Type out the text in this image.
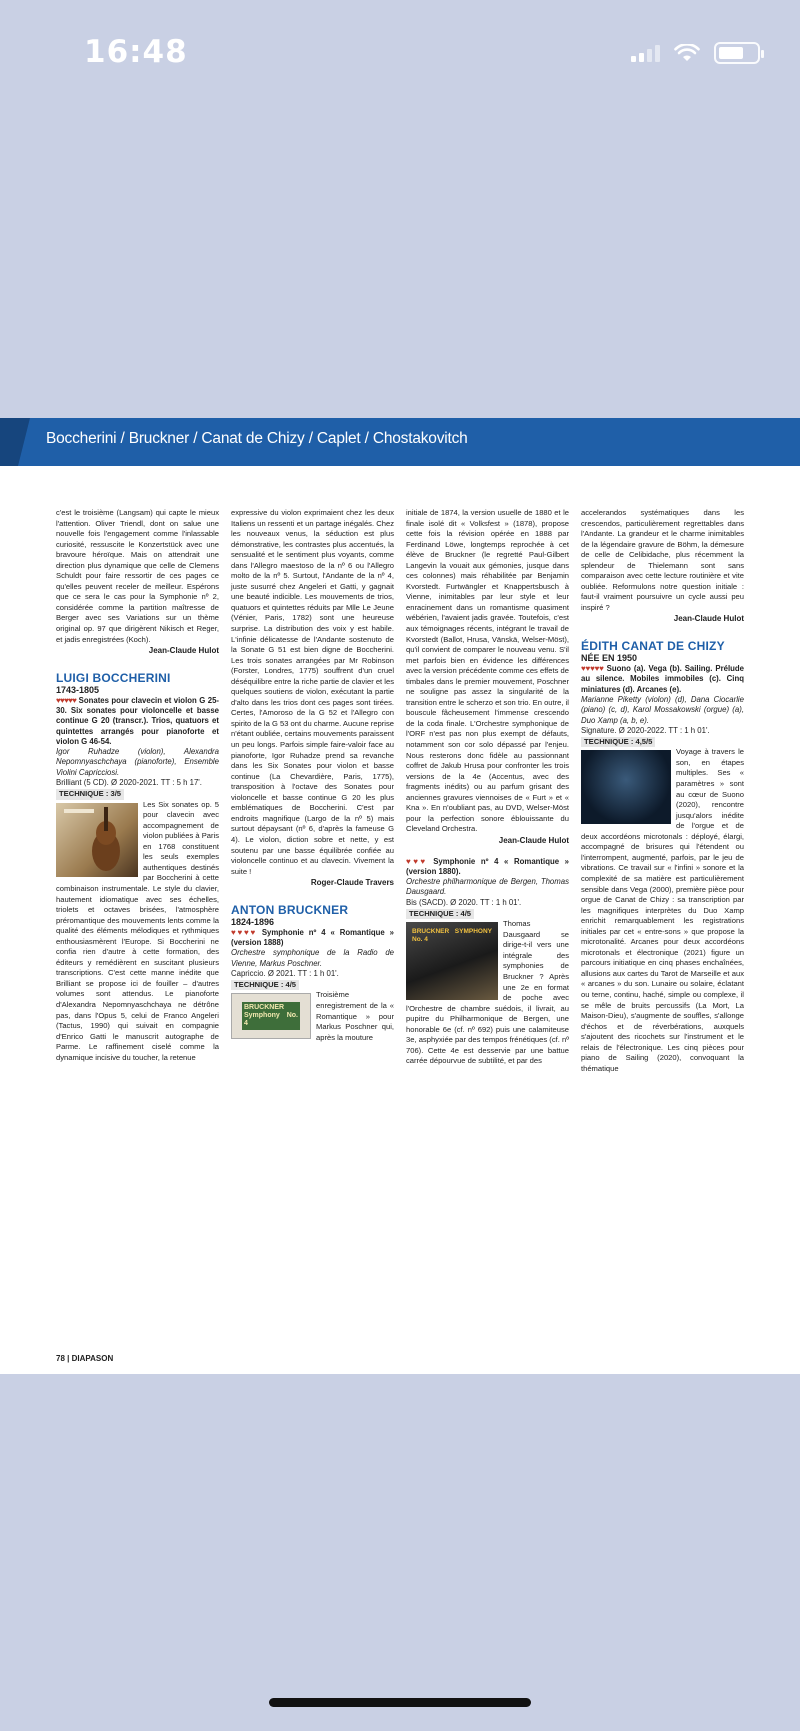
16:48
Boccherini / Bruckner / Canat de Chizy / Caplet / Chostakovitch

c'est le troisième (Langsam) qui capte le mieux l'attention. Oliver Triendl, dont on salue une nouvelle fois l'engagement comme l'inlassable curiosité, ressuscite le Konzertstück avec une bravoure héroïque. Mais on attendrait une direction plus dynamique que celle de Clemens Schuldt pour faire ressortir de ces pages ce qu'elles peuvent receler de meilleur. Espérons que ce sera le cas pour la Symphonie nº 2, considérée comme la partition maîtresse de Berger avec ses Variations sur un thème original op. 97 que dirigèrent Nikisch et Reger, et jadis enregistrées (Koch).

Jean-Claude Hulot
LUIGI BOCCHERINI
1743-1805
♥♥♥♥♥ Sonates pour clavecin et violon G 25-30. Six sonates pour violoncelle et basse continue G 20 (transcr.). Trios, quatuors et quintettes arrangés pour pianoforte et violon G 46-54.
Igor Ruhadze (violon), Alexandra Nepomnyaschchaya (pianoforte), Ensemble Violini Capricciosi.
Brilliant (5 CD). Ø 2020-2021. TT : 5 h 17'.
TECHNIQUE : 3/5

Les Six sonates op. 5 pour clavecin avec accompagnement de violon publiées à Paris en 1768 constituent les seuls exemples authentiques destinés par Boccherini à cette combinaison instrumentale. Le style du clavier, hautement idiomatique avec ses échelles, triolets et octaves brisées, l'atmosphère préromantique des mouvements lents comme la qualité des éléments mélodiques et rythmiques enthousiasmèrent l'Europe. Si Boccherini ne confia rien d'autre à cette formation, des éditeurs y remédièrent en suscitant plusieurs transcriptions. C'est cette manne inédite que Brilliant se propose ici de fouiller – d'autres volumes sont attendus. Le pianoforte d'Alexandra Nepomnyaschchaya ne détrône pas, dans l'Opus 5, celui de Franco Angeleri (Tactus, 1990) qui suivait en compagnie d'Enrico Gatti le manuscrit autographe de Parme. Le raffinement ciselé comme la dynamique incisive du toucher, la retenue

expressive du violon exprimaient chez les deux Italiens un ressenti et un partage inégalés. Chez les nouveaux venus, la séduction est plus démonstrative, les contrastes plus accentués, la sensualité et le sentiment plus voyants, comme dans l'Allegro maestoso de la nº 6 ou l'Allegro molto de la nº 5. Surtout, l'Andante de la nº 4, juste susurré chez Angeleri et Gatti, y gagnait une beauté indicible. Les mouvements de trios, quatuors et quintettes réduits par Mlle Le Jeune (Vénier, Paris, 1782) sont une heureuse surprise. La distribution des voix y est habile. L'infinie délicatesse de l'Andante sostenuto de la Sonate G 51 est bien digne de Boccherini. Les trois sonates arrangées par Mr Robinson (Forster, Londres, 1775) souffrent d'un cruel déséquilibre entre la riche partie de clavier et les quelques soutiens de violon, exécutant la partie d'alto dans les trios dont ces pages sont tirées. Certes, l'Amoroso de la G 52 et l'Allegro con spirito de la G 53 ont du charme. Aucune reprise n'étant oubliée, certains mouvements paraissent un peu longs. Parfois simple faire-valoir face au pianoforte, Igor Ruhadze prend sa revanche dans les Six Sonates pour violon et basse continue (La Chevardière, Paris, 1775), transposition à l'octave des Sonates pour violoncelle et basse continue G 20 les plus emblématiques de Boccherini. C'est par endroits magnifique (Largo de la nº 5) mais surtout dépaysant (nº 6, d'après la fameuse G 4). Le violon, diction sobre et nette, y est soutenu par une basse équilibrée confiée au violoncelle continuo et au clavecin. Vivement la suite !

Roger-Claude Travers
ANTON BRUCKNER
1824-1896
♥♥♥♥ Symphonie nº 4 « Romantique » (version 1888)
Orchestre symphonique de la Radio de Vienne, Markus Poschner.
Capriccio. Ø 2021. TT : 1 h 01'.
TECHNIQUE : 4/5
BRUCKNER Symphony No. 4

Troisième enregistrement de la « Romantique » pour Markus Poschner qui, après la mouture

initiale de 1874, la version usuelle de 1880 et le finale isolé dit « Volksfest » (1878), propose cette fois la révision opérée en 1888 par Ferdinand Löwe, longtemps reprochée à cet élève de Bruckner (le regretté Paul-Gilbert Langevin la vouait aux gémonies, jusque dans ces colonnes) mais réhabilitée par Benjamin Kvorstedt. Furtwängler et Knappertsbusch à Vienne, inimitables par leur style et leur enracinement dans un romantisme quasiment wébérien, l'avaient jadis gravée. Toutefois, c'est aux témoignages récents, intégrant le travail de Kvorstedt (Ballot, Hrusa, Vänskä, Welser-Möst), qu'il convient de comparer le nouveau venu. S'il met parfois bien en évidence les différences avec la version précédente comme ces effets de timbales dans le premier mouvement, Poschner ne souligne pas assez la singularité de la transition entre le scherzo et son trio. En outre, il bouscule fâcheusement l'immense crescendo de la coda finale. L'Orchestre symphonique de l'ORF n'est pas non plus exempt de défauts, notamment son cor solo dépassé par l'enjeu. Nous resterons donc fidèle au passionnant coffret de Jakub Hrusa pour confronter les trois versions de la 4e (Accentus, avec des fragments inédits) ou au parfum grisant des anciennes gravures viennoises de « Furt » et « Kna ». En n'oubliant pas, au DVD, Welser-Möst pour la perfection sonore éblouissante du Cleveland Orchestra.

Jean-Claude Hulot
♥♥♥ Symphonie nº 4 « Romantique » (version 1880).
Orchestre philharmonique de Bergen, Thomas Dausgaard.
Bis (SACD). Ø 2020. TT : 1 h 01'.
TECHNIQUE : 4/5
BRUCKNER SYMPHONY No. 4

Thomas Dausgaard se dirige-t-il vers une intégrale des symphonies de Bruckner ? Après une 2e en format de poche avec l'Orchestre de chambre suédois, il livrait, au pupitre du Philharmonique de Bergen, une honorable 6e (cf. nº 692) puis une calamiteuse 3e, asphyxiée par des tempos frénétiques (cf. nº 706). Cette 4e est desservie par une battue carrée dépourvue de subtilité, et par des

accelerandos systématiques dans les crescendos, particulièrement regrettables dans l'Andante. La grandeur et le charme inimitables de la légendaire gravure de Böhm, la démesure de celle de Celibidache, plus récemment la splendeur de Thielemann sont sans comparaison avec cette lecture routinière et vite oubliée. Reformulons notre question initiale : faut-il vraiment poursuivre un cycle aussi peu inspiré ?

Jean-Claude Hulot
ÉDITH CANAT DE CHIZY
NÉE EN 1950
♥♥♥♥♥ Suono (a). Vega (b). Sailing. Prélude au silence. Mobiles immobiles (c). Cinq miniatures (d). Arcanes (e).
Marianne Piketty (violon) (d), Dana Ciocarlie (piano) (c, d), Karol Mossakowski (orgue) (a), Duo Xamp (a, b, e).
Signature. Ø 2020-2022. TT : 1 h 01'.
TECHNIQUE : 4,5/5

Voyage à travers le son, en étapes multiples. Ses « paramètres » sont au cœur de Suono (2020), rencontre jusqu'alors inédite de l'orgue et de deux accordéons microtonals : déployé, élargi, accompagné de brisures qui l'étendent ou l'interrompent, augmenté, parfois, par le jeu de vibrations. Ce travail sur « l'infini » sonore et la complexité de sa matière est particulièrement sensible dans Vega (2000), première pièce pour orgue de Canat de Chizy : sa transcription par les magnifiques interprètes du Duo Xamp enrichit remarquablement les registrations initiales par cet « entre-sons » que propose la microtonalité. Arcanes pour deux accordéons microtonals et électronique (2021) figure un parcours initiatique en cinq phases enchaînées, allusions aux cartes du Tarot de Marseille et aux « arcanes » du son. Lunaire ou solaire, éclatant ou terne, continu, haché, simple ou complexe, il se mêle de bruits percussifs (La Mort, La Maison-Dieu), s'augmente de souffles, s'allonge d'échos et de réverbérations, auxquels s'ajoutent des ricochets sur l'instrument et le relais de l'électronique. Les cinq pièces pour piano de Sailing (2020), convoquant la thématique

78 | DIAPASON
